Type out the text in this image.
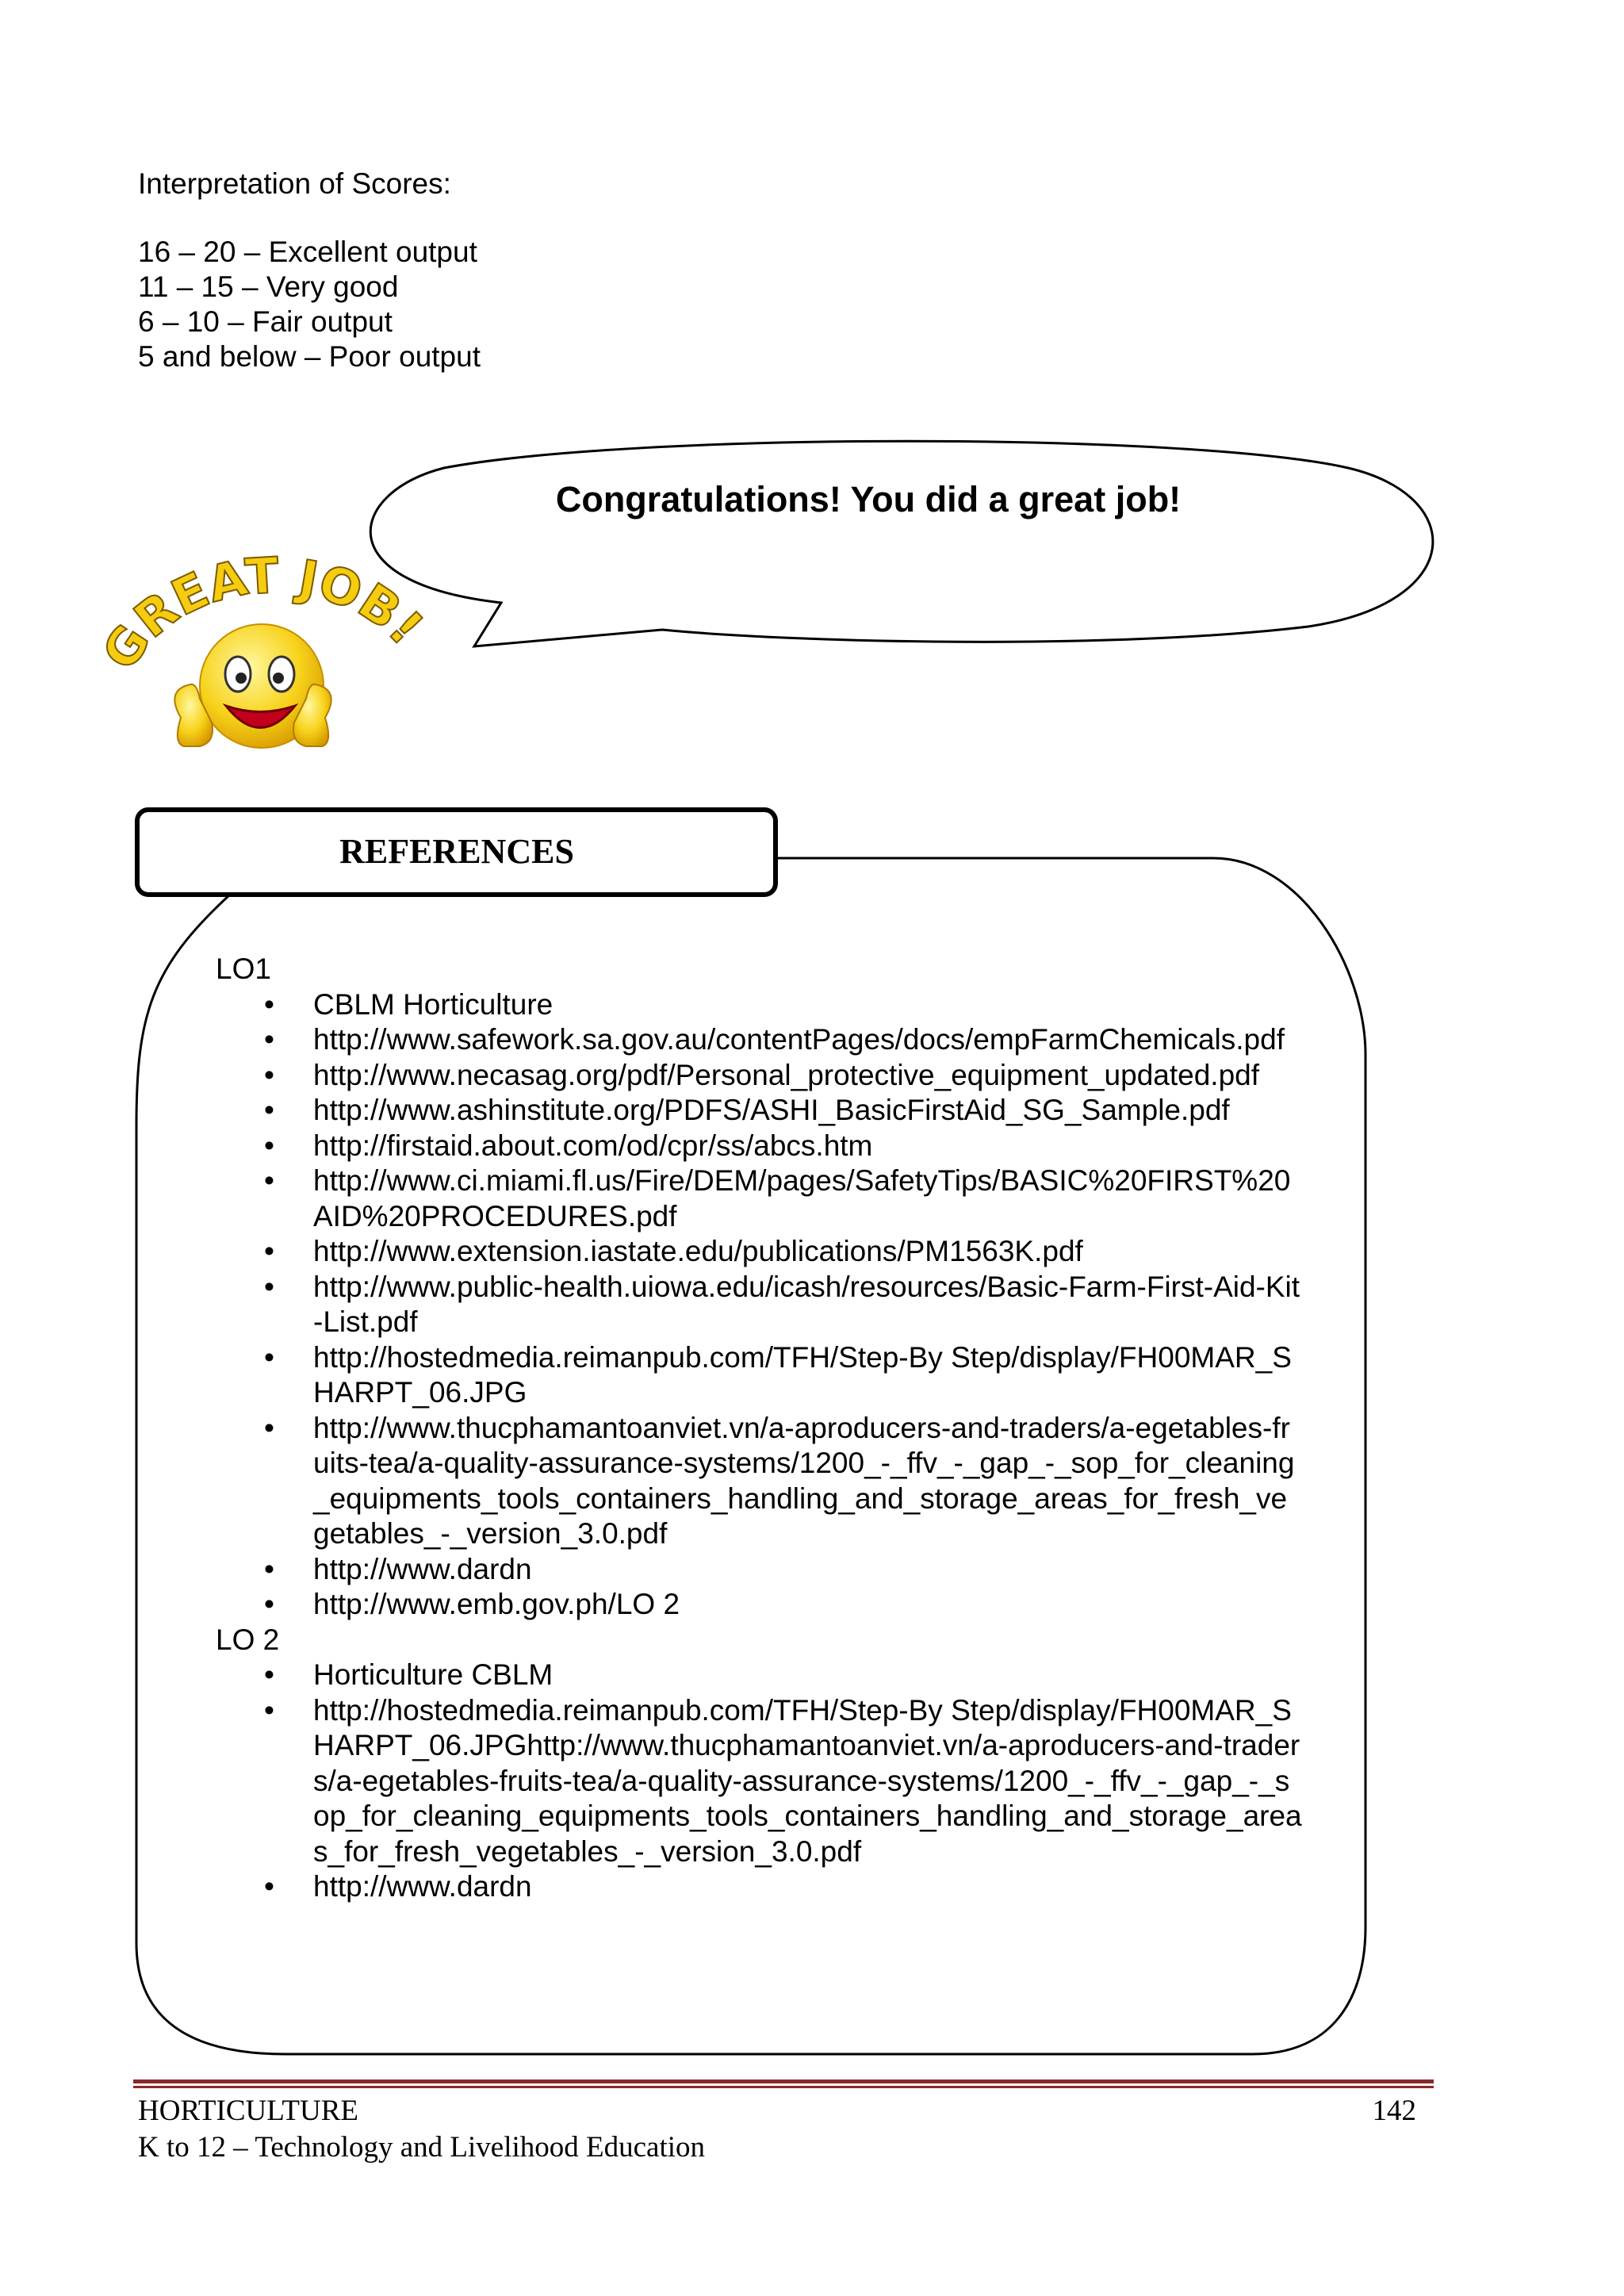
GREAT JOB!
Interpretation of Scores:
16 – 20 – Excellent output
11 – 15 – Very good
6 – 10 – Fair output
5 and below – Poor output
Congratulations! You did a great job!
REFERENCES
LO1
• CBLM Horticulture
• http://www.safework.sa.gov.au/contentPages/docs/empFarmChemicals.pdf
• http://www.necasag.org/pdf/Personal_protective_equipment_updated.pdf
• http://www.ashinstitute.org/PDFS/ASHI_BasicFirstAid_SG_Sample.pdf
• http://firstaid.about.com/od/cpr/ss/abcs.htm
• http://www.ci.miami.fl.us/Fire/DEM/pages/SafetyTips/BASIC%20FIRST%20AID%20PROCEDURES.pdf
• http://www.extension.iastate.edu/publications/PM1563K.pdf
• http://www.public-health.uiowa.edu/icash/resources/Basic-Farm-First-Aid-Kit-List.pdf
• http://hostedmedia.reimanpub.com/TFH/Step-By Step/display/FH00MAR_SHARPT_06.JPG
• http://www.thucphamantoanviet.vn/a-aproducers-and-traders/a-egetables-fruits-tea/a-quality-assurance-systems/1200_-_ffv_-_gap_-_sop_for_cleaning_equipments_tools_containers_handling_and_storage_areas_for_fresh_vegetables_-_version_3.0.pdf
• http://www.dardn
• http://www.emb.gov.ph/LO 2
LO 2
• Horticulture CBLM
• http://hostedmedia.reimanpub.com/TFH/Step-By Step/display/FH00MAR_SHARPT_06.JPGhttp://www.thucphamantoanviet.vn/a-aproducers-and-traders/a-egetables-fruits-tea/a-quality-assurance-systems/1200_-_ffv_-_gap_-_sop_for_cleaning_equipments_tools_containers_handling_and_storage_areas_for_fresh_vegetables_-_version_3.0.pdf
• http://www.dardn
HORTICULTURE
K to 12 – Technology and Livelihood Education
142
